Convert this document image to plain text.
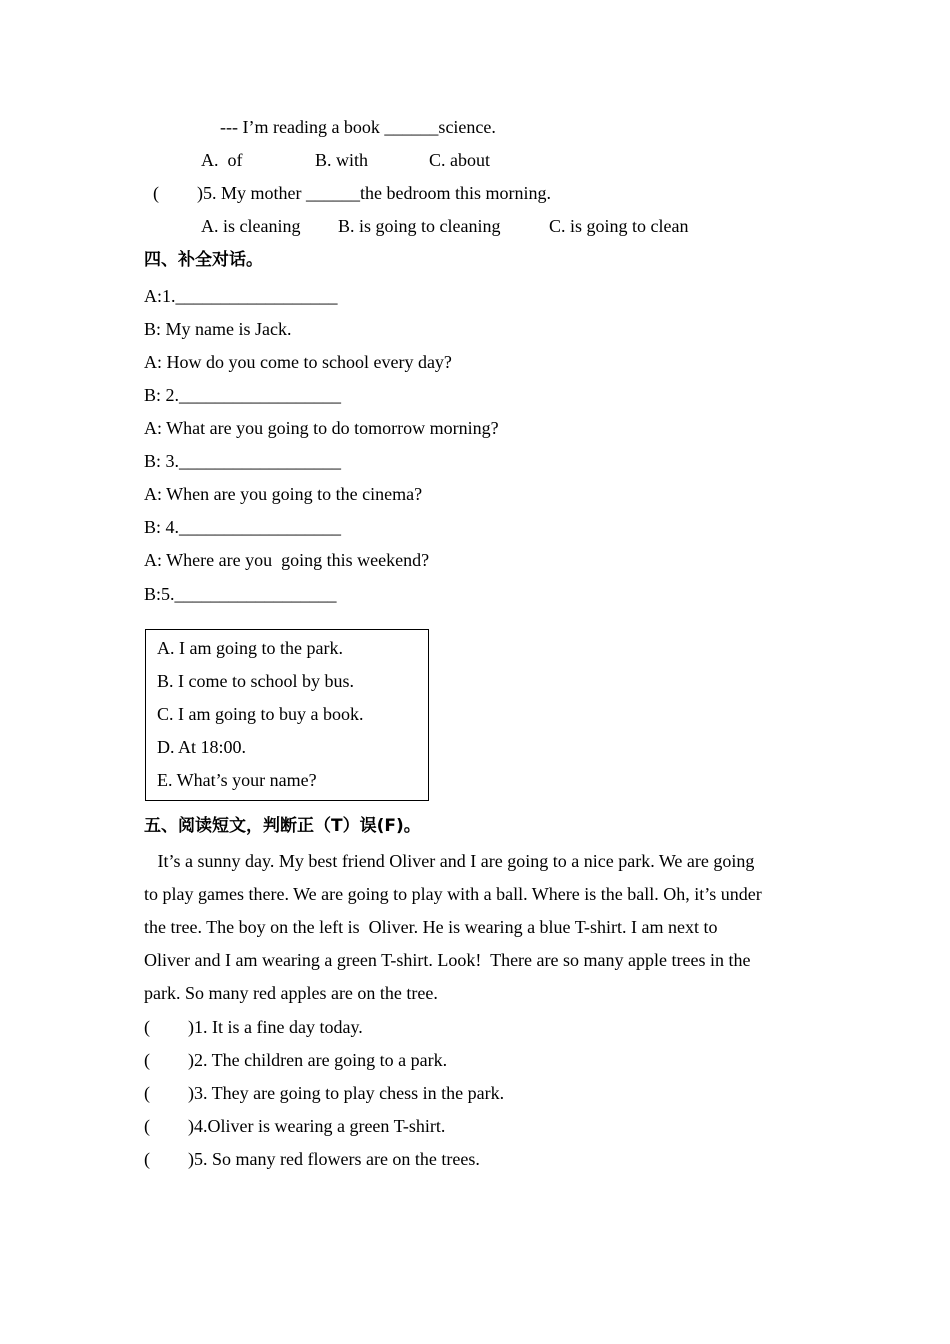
--- I’m reading a book ______science.
A.  of	B. with	C. about
( )5. My mother ______the bedroom this morning.
A. is cleaning B. is going to cleaning	C. is going to clean
四、补全对话。
A:1.__________________
B: My name is Jack.
A: How do you come to school every day?
B: 2.__________________
A: What are you going to do tomorrow morning?
B: 3.__________________
A: When are you going to the cinema?
B: 4.__________________
A: Where are you  going this weekend?
B:5.__________________
A. I am going to the park.
B. I come to school by bus.
C. I am going to buy a book.
D. At 18:00.
E. What’s your name?
五、阅读短文，判断正（T）误(F)。
It’s a sunny day. My best friend Oliver and I are going to a nice park. We are going
to play games there. We are going to play with a ball. Where is the ball. Oh, it’s under
the tree. The boy on the left is  Oliver. He is wearing a blue T-shirt. I am next to
Oliver and I am wearing a green T-shirt. Look!  There are so many apple trees in the
park. So many red apples are on the tree.
( )1. It is a fine day today.
( )2. The children are going to a park.
( )3. They are going to play chess in the park.
( )4.Oliver is wearing a green T-shirt.
( )5. So many red flowers are on the trees.
